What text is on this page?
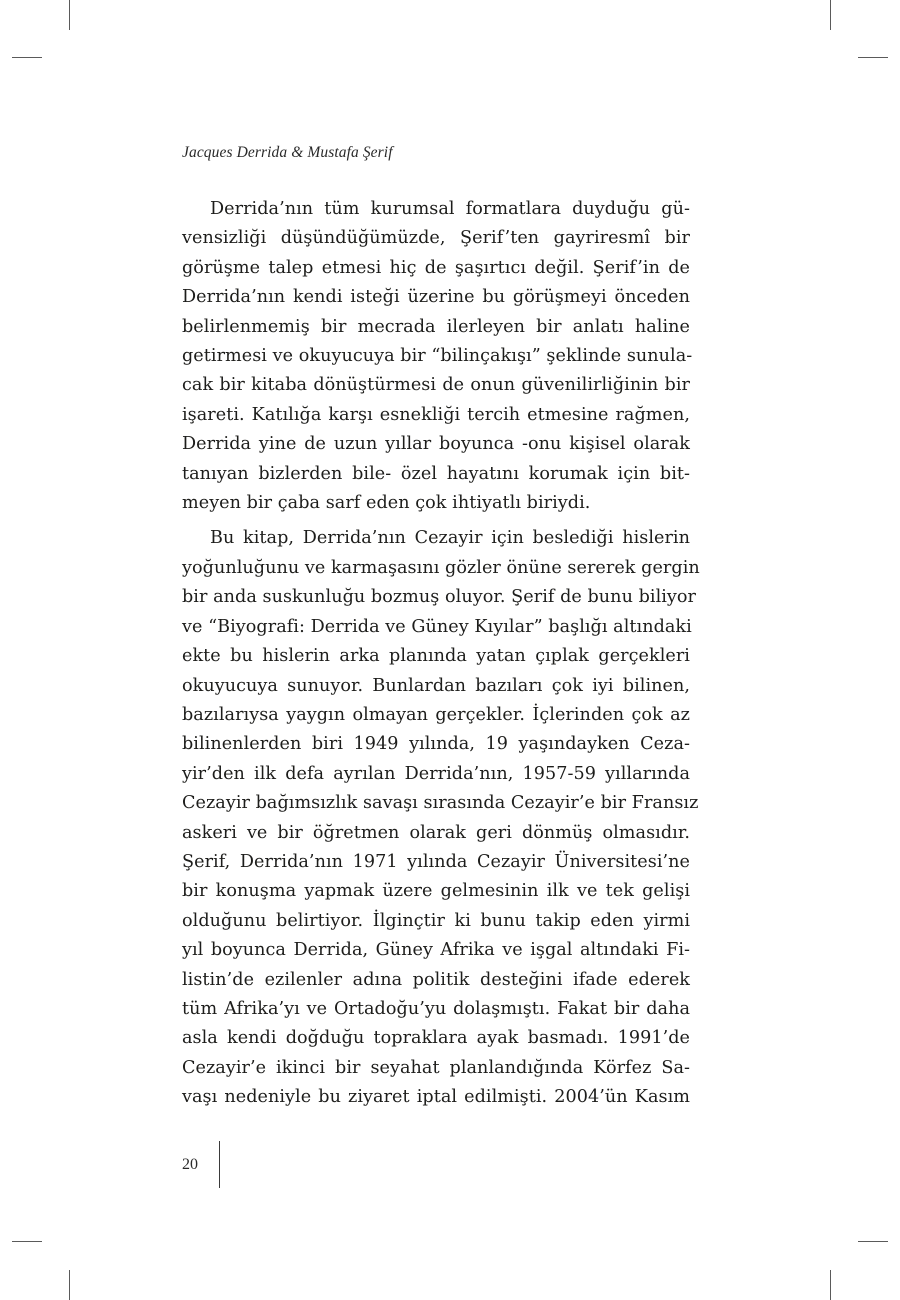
Jacques Derrida & Mustafa Şerif
Derrida’nın tüm kurumsal formatlara duyduğu gü-
vensizliği düşündüğümüzde, Şerif’ten gayriresmî bir
görüşme talep etmesi hiç de şaşırtıcı değil. Şerif’in de
Derrida’nın kendi isteği üzerine bu görüşmeyi önceden
belirlenmemiş bir mecrada ilerleyen bir anlatı haline
getirmesi ve okuyucuya bir “bilinçakışı” şeklinde sunula-
cak bir kitaba dönüştürmesi de onun güvenilirliğinin bir
işareti. Katılığa karşı esnekliği tercih etmesine rağmen,
Derrida yine de uzun yıllar boyunca -onu kişisel olarak
tanıyan bizlerden bile- özel hayatını korumak için bit-
meyen bir çaba sarf eden çok ihtiyatlı biriydi.
Bu kitap, Derrida’nın Cezayir için beslediği hislerin
yoğunluğunu ve karmaşasını gözler önüne sererek gergin
bir anda suskunluğu bozmuş oluyor. Şerif de bunu biliyor
ve “Biyografi: Derrida ve Güney Kıyılar” başlığı altındaki
ekte bu hislerin arka planında yatan çıplak gerçekleri
okuyucuya sunuyor. Bunlardan bazıları çok iyi bilinen,
bazılarıysa yaygın olmayan gerçekler. İçlerinden çok az
bilinenlerden biri 1949 yılında, 19 yaşındayken Ceza-
yir’den ilk defa ayrılan Derrida’nın, 1957-59 yıllarında
Cezayir bağımsızlık savaşı sırasında Cezayir’e bir Fransız
askeri ve bir öğretmen olarak geri dönmüş olmasıdır.
Şerif, Derrida’nın 1971 yılında Cezayir Üniversitesi’ne
bir konuşma yapmak üzere gelmesinin ilk ve tek gelişi
olduğunu belirtiyor. İlginçtir ki bunu takip eden yirmi
yıl boyunca Derrida, Güney Afrika ve işgal altındaki Fi-
listin’de ezilenler adına politik desteğini ifade ederek
tüm Afrika’yı ve Ortadoğu’yu dolaşmıştı. Fakat bir daha
asla kendi doğduğu topraklara ayak basmadı. 1991’de
Cezayir’e ikinci bir seyahat planlandığında Körfez Sa-
vaşı nedeniyle bu ziyaret iptal edilmişti. 2004’ün Kasım
20
